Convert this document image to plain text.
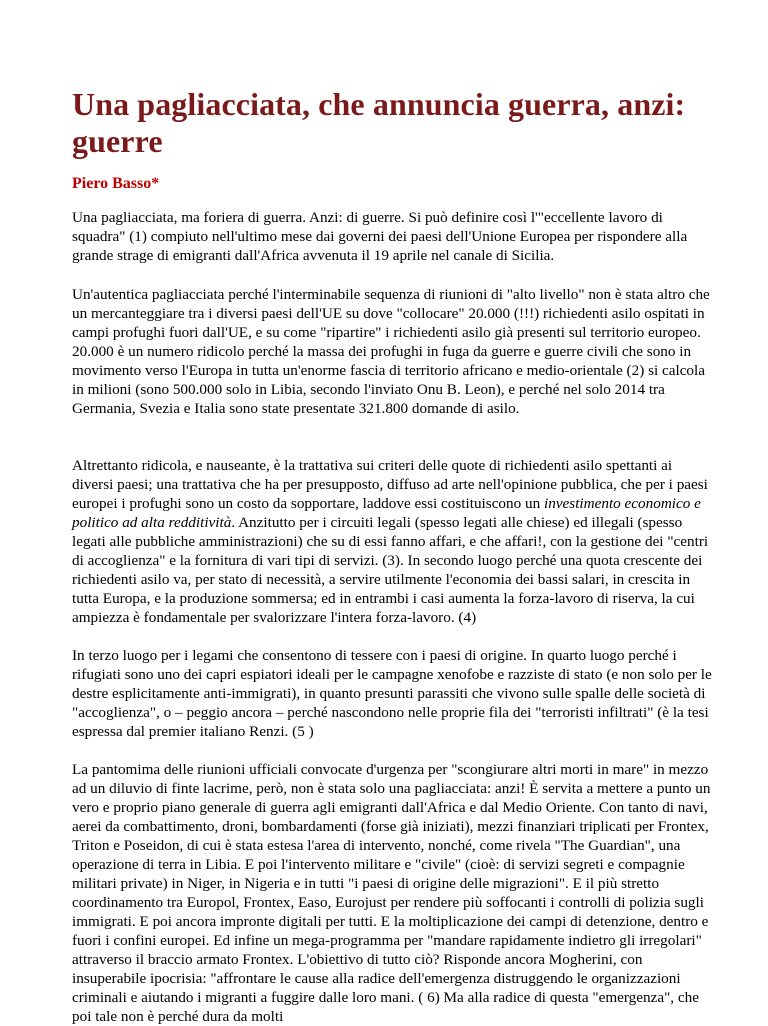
Una pagliacciata, che annuncia guerra, anzi: guerre
Piero Basso*

Una pagliacciata, ma foriera di guerra. Anzi: di guerre. Si può definire così l'"eccellente lavoro di squadra" (1) compiuto nell'ultimo mese dai governi dei paesi dell'Unione Europea per rispondere alla grande strage di emigranti dall'Africa avvenuta il 19 aprile nel canale di Sicilia.

Un'autentica pagliacciata perché l'interminabile sequenza di riunioni di "alto livello" non è stata altro che un mercanteggiare tra i diversi paesi dell'UE su dove "collocare" 20.000 (!!!) richiedenti asilo ospitati in campi profughi fuori dall'UE, e su come "ripartire" i richiedenti asilo già presenti sul territorio europeo. 20.000 è un numero ridicolo perché la massa dei profughi in fuga da guerre e guerre civili che sono in movimento verso l'Europa in tutta un'enorme fascia di territorio africano e medio-orientale (2) si calcola in milioni (sono 500.000 solo in Libia, secondo l'inviato Onu B. Leon), e perché nel solo 2014 tra Germania, Svezia e Italia sono state presentate 321.800 domande di asilo.

Altrettanto ridicola, e nauseante, è la trattativa sui criteri delle quote di richiedenti asilo spettanti ai diversi paesi; una trattativa che ha per presupposto, diffuso ad arte nell'opinione pubblica, che per i paesi europei i profughi sono un costo da sopportare, laddove essi costituiscono un investimento economico e politico ad alta redditività. Anzitutto per i circuiti legali (spesso legati alle chiese) ed illegali (spesso legati alle pubbliche amministrazioni) che su di essi fanno affari, e che affari!, con la gestione dei "centri di accoglienza" e la fornitura di vari tipi di servizi. (3). In secondo luogo perché una quota crescente dei richiedenti asilo va, per stato di necessità, a servire utilmente l'economia dei bassi salari, in crescita in tutta Europa, e la produzione sommersa; ed in entrambi i casi aumenta la forza-lavoro di riserva, la cui ampiezza è fondamentale per svalorizzare l'intera forza-lavoro. (4)

In terzo luogo per i legami che consentono di tessere con i paesi di origine. In quarto luogo perché i rifugiati sono uno dei capri espiatori ideali per le campagne xenofobe e razziste di stato (e non solo per le destre esplicitamente anti-immigrati), in quanto presunti parassiti che vivono sulle spalle delle società di "accoglienza", o – peggio ancora – perché nascondono nelle proprie fila dei "terroristi infiltrati" (è la tesi espressa dal premier italiano Renzi. (5 )

La pantomima delle riunioni ufficiali convocate d'urgenza per "scongiurare altri morti in mare" in mezzo ad un diluvio di finte lacrime, però, non è stata solo una pagliacciata: anzi! È servita a mettere a punto un vero e proprio piano generale di guerra agli emigranti dall'Africa e dal Medio Oriente. Con tanto di navi, aerei da combattimento, droni, bombardamenti (forse già iniziati), mezzi finanziari triplicati per Frontex, Triton e Poseidon, di cui è stata estesa l'area di intervento, nonché, come rivela "The Guardian", una operazione di terra in Libia. E poi l'intervento militare e "civile" (cioè: di servizi segreti e compagnie militari private) in Niger, in Nigeria e in tutti "i paesi di origine delle migrazioni". E il più stretto coordinamento tra Europol, Frontex, Easo, Eurojust per rendere più soffocanti i controlli di polizia sugli immigrati. E poi ancora impronte digitali per tutti. E la moltiplicazione dei campi di detenzione, dentro e fuori i confini europei. Ed infine un mega-programma per "mandare rapidamente indietro gli irregolari" attraverso il braccio armato Frontex. L'obiettivo di tutto ciò? Risponde ancora Mogherini, con insuperabile ipocrisia: "affrontare le cause alla radice dell'emergenza distruggendo le organizzazioni criminali e aiutando i migranti a fuggire dalle loro mani. ( 6) Ma alla radice di questa "emergenza", che poi tale non è perché dura da molti
